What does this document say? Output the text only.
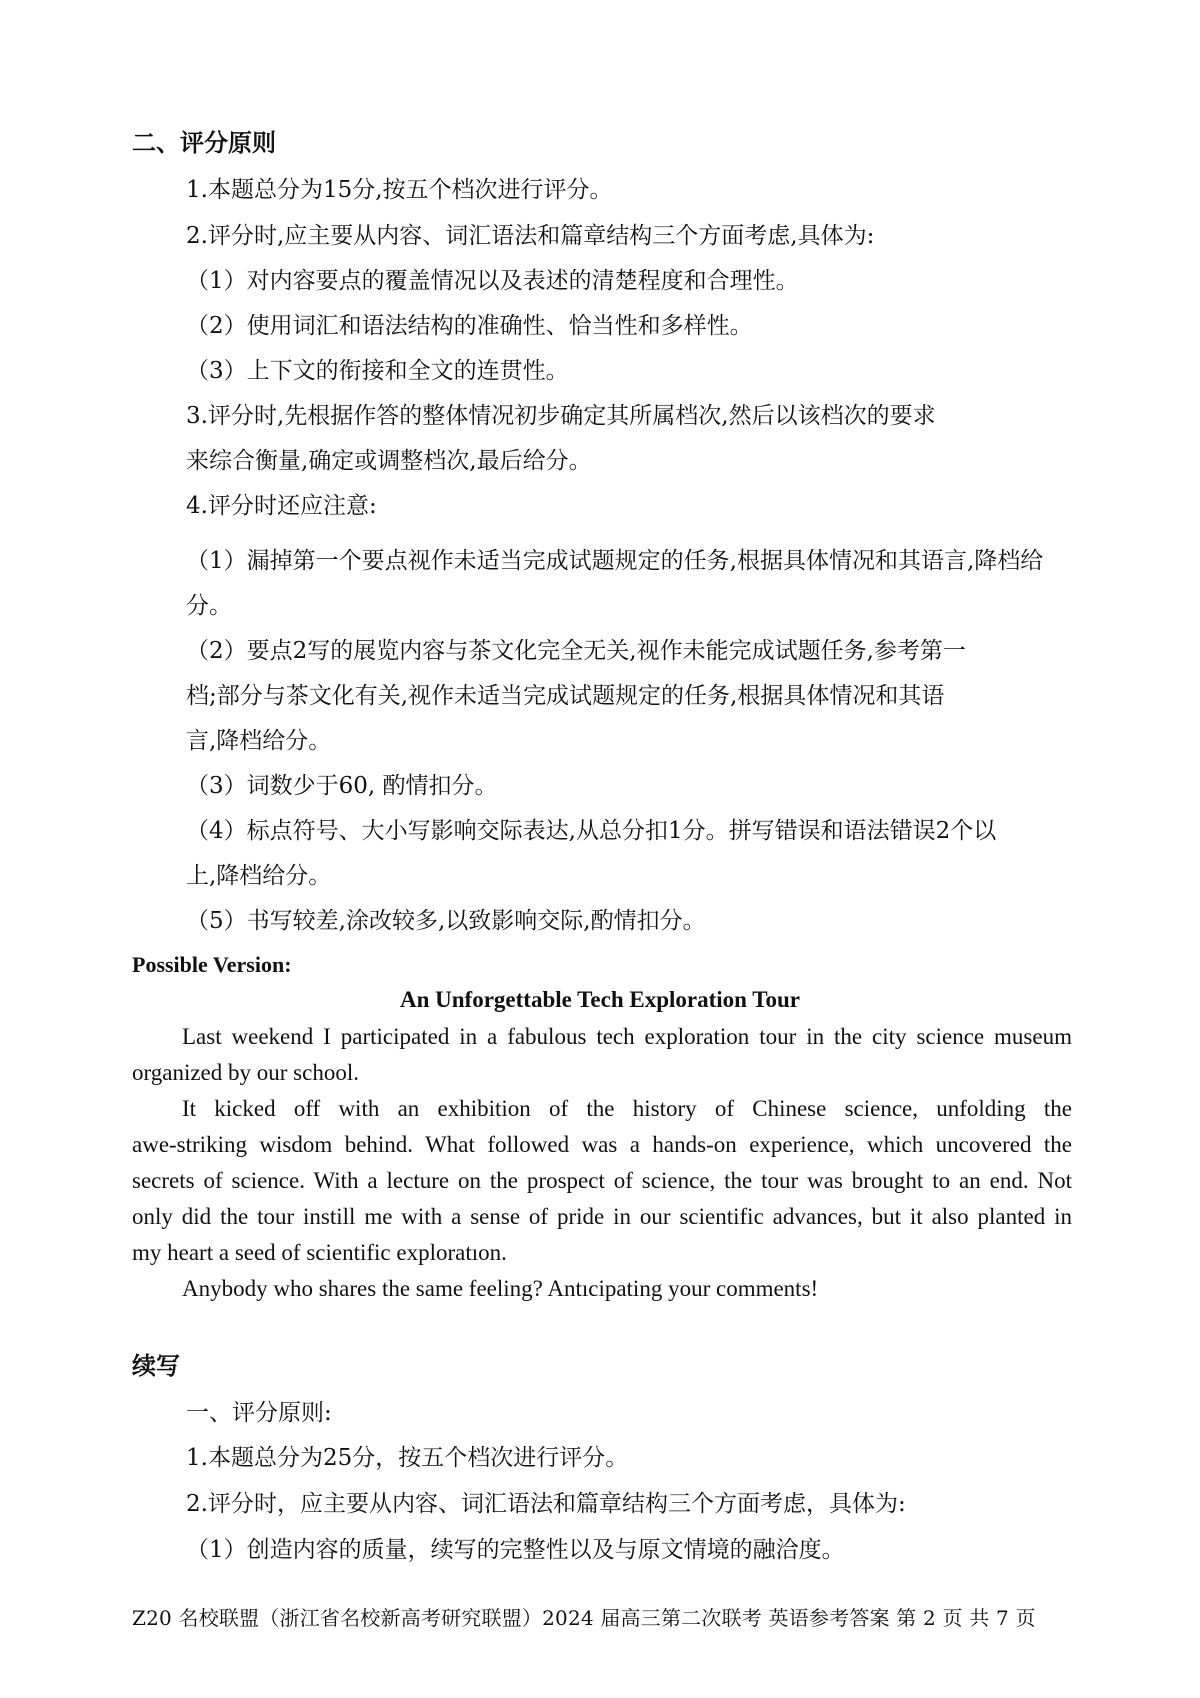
二、评分原则
1.本题总分为15分,按五个档次进行评分。
2.评分时,应主要从内容、词汇语法和篇章结构三个方面考虑,具体为:
（1）对内容要点的覆盖情况以及表述的清楚程度和合理性。
（2）使用词汇和语法结构的准确性、恰当性和多样性。
（3）上下文的衔接和全文的连贯性。
3.评分时,先根据作答的整体情况初步确定其所属档次,然后以该档次的要求
来综合衡量,确定或调整档次,最后给分。
4.评分时还应注意:
（1）漏掉第一个要点视作未适当完成试题规定的任务,根据具体情况和其语言,降档给
分。
（2）要点2写的展览内容与茶文化完全无关,视作未能完成试题任务,参考第一
档;部分与茶文化有关,视作未适当完成试题规定的任务,根据具体情况和其语
言,降档给分。
（3）词数少于60, 酌情扣分。
（4）标点符号、大小写影响交际表达,从总分扣1分。拼写错误和语法错误2个以
上,降档给分。
（5）书写较差,涂改较多,以致影响交际,酌情扣分。
Possible Version:
An Unforgettable Tech Exploration Tour
Last weekend I participated in a fabulous tech exploration tour in the city science museum
organized by our school.
It kicked off with an exhibition of the history of Chinese science, unfolding the
awe-striking wisdom behind. What followed was a hands-on experience, which uncovered the
secrets of science. With a lecture on the prospect of science, the tour was brought to an end. Not
only did the tour instill me with a sense of pride in our scientific advances, but it also planted in
my heart a seed of scientific exploratıon.
Anybody who shares the same feeling? Antıcipating your comments!
续写
一、评分原则:
1.本题总分为25分，按五个档次进行评分。
2.评分时，应主要从内容、词汇语法和篇章结构三个方面考虑，具体为:
（1）创造内容的质量，续写的完整性以及与原文情境的融洽度。
Z20 名校联盟（浙江省名校新高考研究联盟）2024 届高三第二次联考 英语参考答案 第 2 页 共 7 页
